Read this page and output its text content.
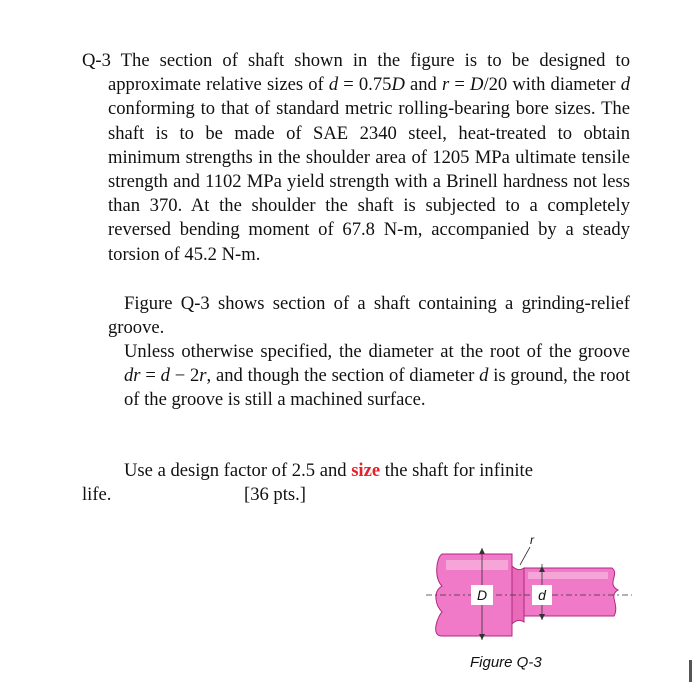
Q-3 The section of shaft shown in the figure is to be designed to approximate relative sizes of d = 0.75D and r = D/20 with diameter d conforming to that of standard metric rolling-bearing bore sizes. The shaft is to be made of SAE 2340 steel, heat-treated to obtain minimum strengths in the shoulder area of 1205 MPa ultimate tensile strength and 1102 MPa yield strength with a Brinell hardness not less than 370. At the shoulder the shaft is subjected to a completely reversed bending moment of 67.8 N-m, accompanied by a steady torsion of 45.2 N-m.
Figure Q-3 shows section of a shaft containing a grinding-relief groove.
Unless otherwise specified, the diameter at the root of the groove dr = d − 2r, and though the section of diameter d is ground, the root of the groove is still a machined surface.
Use a design factor of 2.5 and size the shaft for infinite
life.	[36 pts.]
D	d
r
Figure Q-3
